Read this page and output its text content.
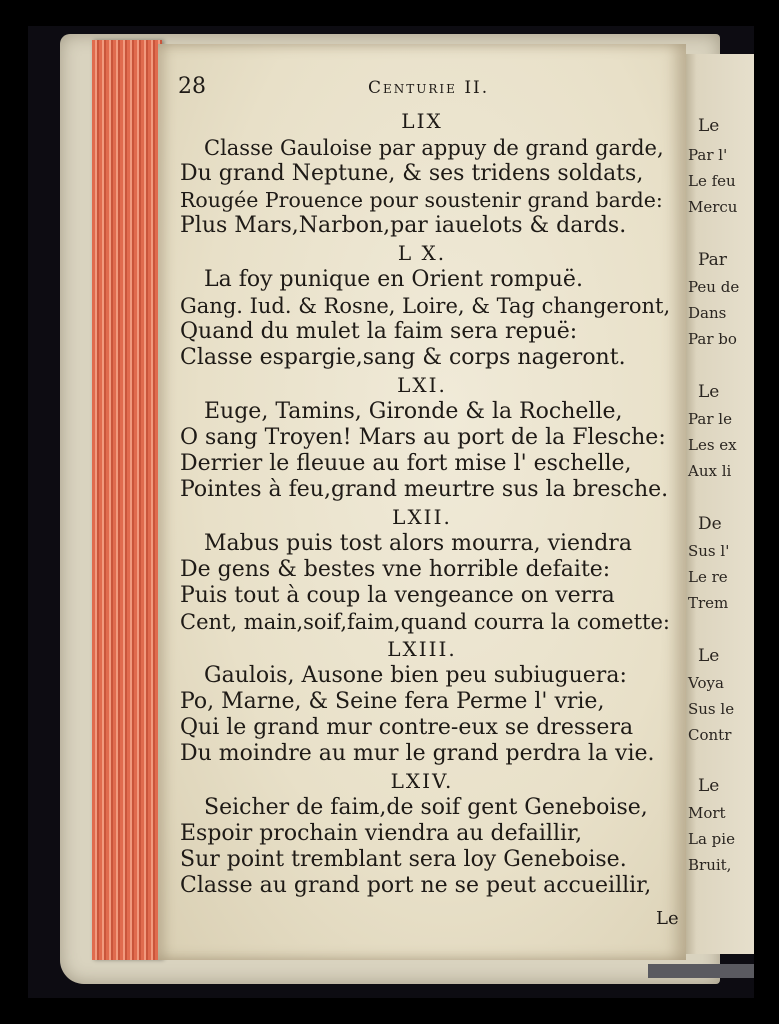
Le
Par l'
Le feu
Mercu
Par
Peu de
Dans
Par bo
Le
Par le
Les ex
Aux li
De
Sus l'
Le re
Trem
Le
Voya
Sus le
Contr
Le
Mort
La pie
Bruit,
28	Centurie II.
LIX
Classe Gauloise par appuy de grand garde,
Du grand Neptune, & ses tridens soldats,
Rougée Prouence pour soustenir grand barde:
Plus Mars,Narbon,par iauelots & dards.
L X.
La foy punique en Orient rompuë.
Gang. Iud. & Rosne, Loire, & Tag changeront,
Quand du mulet la faim sera repuë:
Classe espargie,sang & corps nageront.
LXI.
Euge, Tamins, Gironde & la Rochelle,
O sang Troyen! Mars au port de la Flesche:
Derrier le fleuue au fort mise l' eschelle,
Pointes à feu,grand meurtre sus la bresche.
LXII.
Mabus puis tost alors mourra, viendra
De gens & bestes vne horrible defaite:
Puis tout à coup la vengeance on verra
Cent, main,soif,faim,quand courra la comette:
LXIII.
Gaulois, Ausone bien peu subiuguera:
Po, Marne, & Seine fera Perme l' vrie,
Qui le grand mur contre-eux se dressera
Du moindre au mur le grand perdra la vie.
LXIV.
Seicher de faim,de soif gent Geneboise,
Espoir prochain viendra au defaillir,
Sur point tremblant sera loy Geneboise.
Classe au grand port ne se peut accueillir,
Le
